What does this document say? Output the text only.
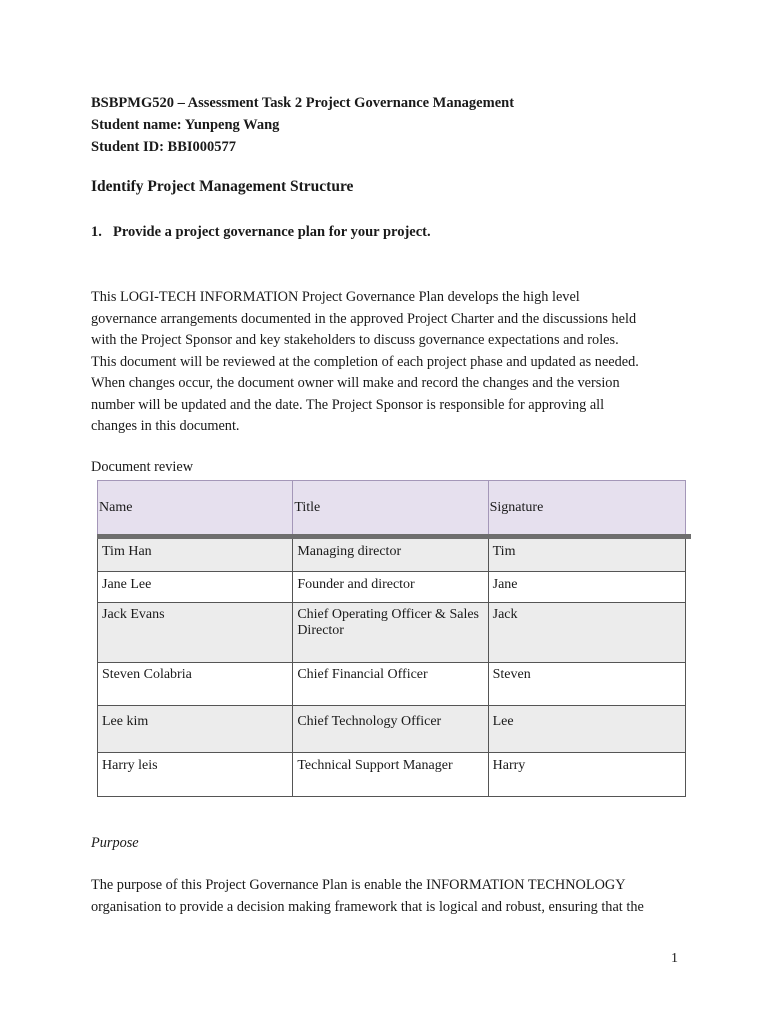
BSBPMG520 – Assessment Task 2 Project Governance Management
Student name: Yunpeng Wang
Student ID: BBI000577
Identify Project Management Structure
1. Provide a project governance plan for your project.
This LOGI-TECH INFORMATION Project Governance Plan develops the high level
governance arrangements documented in the approved Project Charter and the discussions held
with the Project Sponsor and key stakeholders to discuss governance expectations and roles.
This document will be reviewed at the completion of each project phase and updated as needed.
When changes occur, the document owner will make and record the changes and the version
number will be updated and the date. The Project Sponsor is responsible for approving all
changes in this document.
Document review
Name	Title	Signature

Tim Han	Managing director	Tim
Jane Lee	Founder and director	Jane
Jack Evans	Chief Operating Officer & Sales Director	Jack
Steven Colabria	Chief Financial Officer	Steven
Lee kim	Chief Technology Officer	Lee
Harry leis	Technical Support Manager	Harry
Purpose
The purpose of this Project Governance Plan is enable the INFORMATION TECHNOLOGY
organisation to provide a decision making framework that is logical and robust, ensuring that the
1
